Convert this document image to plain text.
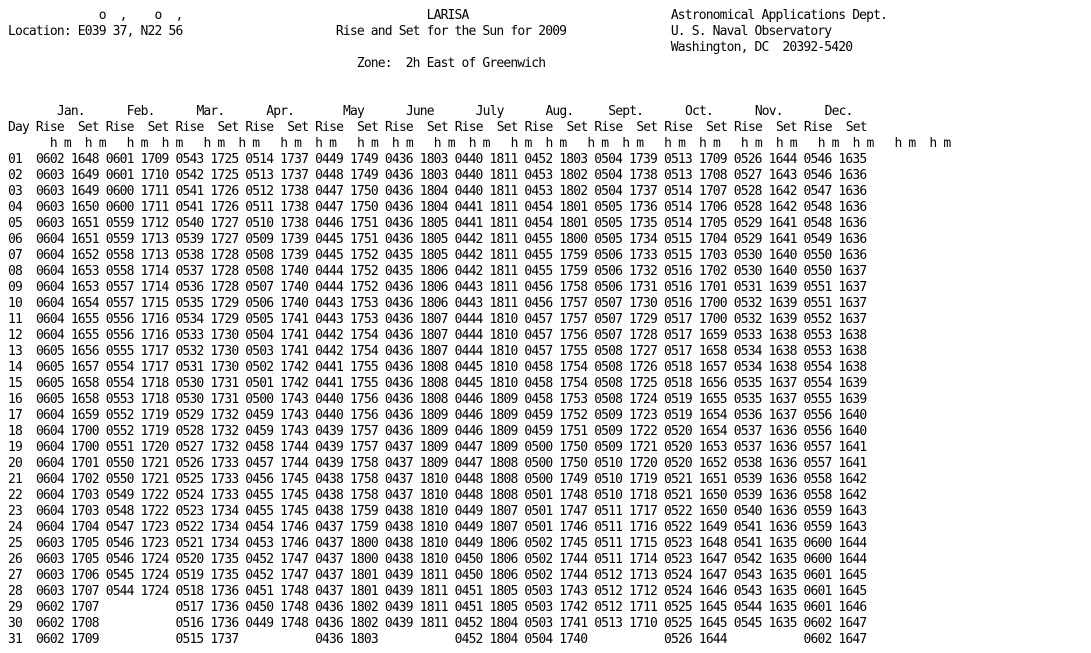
o  ,    o  ,	LARISA	Astronomical Applications Dept.
Location: E039 37, N22 56	Rise and Set for the Sun for 2009	U. S. Naval Observatory
Washington, DC  20392-5420
Zone:  2h East of Greenwich

Jan.	Feb.	Mar.	Apr.	May	June	July	Aug.	Sept.	Oct.	Nov.	Dec.
Day Rise Set Rise Set Rise Set Rise Set Rise Set Rise Set Rise Set Rise Set Rise Set Rise Set Rise Set Rise Set
h m h m h m h m h m h m h m h m h m h m h m h m h m h m h m h m h m h m h m h m h m h m h m h m
01 0602 1648 0601 1709 0543 1725 0514 1737 0449 1749 0436 1803 0440 1811 0452 1803 0504 1739 0513 1709 0526 1644 0546 1635
02 0603 1649 0601 1710 0542 1725 0513 1737 0448 1749 0436 1803 0440 1811 0453 1802 0504 1738 0513 1708 0527 1643 0546 1636
03 0603 1649 0600 1711 0541 1726 0512 1738 0447 1750 0436 1804 0440 1811 0453 1802 0504 1737 0514 1707 0528 1642 0547 1636
04 0603 1650 0600 1711 0541 1726 0511 1738 0447 1750 0436 1804 0441 1811 0454 1801 0505 1736 0514 1706 0528 1642 0548 1636
05 0603 1651 0559 1712 0540 1727 0510 1738 0446 1751 0436 1805 0441 1811 0454 1801 0505 1735 0514 1705 0529 1641 0548 1636
06 0604 1651 0559 1713 0539 1727 0509 1739 0445 1751 0436 1805 0442 1811 0455 1800 0505 1734 0515 1704 0529 1641 0549 1636
07 0604 1652 0558 1713 0538 1728 0508 1739 0445 1752 0435 1805 0442 1811 0455 1759 0506 1733 0515 1703 0530 1640 0550 1636
08 0604 1653 0558 1714 0537 1728 0508 1740 0444 1752 0435 1806 0442 1811 0455 1759 0506 1732 0516 1702 0530 1640 0550 1637
09 0604 1653 0557 1714 0536 1728 0507 1740 0444 1752 0436 1806 0443 1811 0456 1758 0506 1731 0516 1701 0531 1639 0551 1637
10 0604 1654 0557 1715 0535 1729 0506 1740 0443 1753 0436 1806 0443 1811 0456 1757 0507 1730 0516 1700 0532 1639 0551 1637
11 0604 1655 0556 1716 0534 1729 0505 1741 0443 1753 0436 1807 0444 1810 0457 1757 0507 1729 0517 1700 0532 1639 0552 1637
12 0604 1655 0556 1716 0533 1730 0504 1741 0442 1754 0436 1807 0444 1810 0457 1756 0507 1728 0517 1659 0533 1638 0553 1638
13 0605 1656 0555 1717 0532 1730 0503 1741 0442 1754 0436 1807 0444 1810 0457 1755 0508 1727 0517 1658 0534 1638 0553 1638
14 0605 1657 0554 1717 0531 1730 0502 1742 0441 1755 0436 1808 0445 1810 0458 1754 0508 1726 0518 1657 0534 1638 0554 1638
15 0605 1658 0554 1718 0530 1731 0501 1742 0441 1755 0436 1808 0445 1810 0458 1754 0508 1725 0518 1656 0535 1637 0554 1639
16 0605 1658 0553 1718 0530 1731 0500 1743 0440 1756 0436 1808 0446 1809 0458 1753 0508 1724 0519 1655 0535 1637 0555 1639
17 0604 1659 0552 1719 0529 1732 0459 1743 0440 1756 0436 1809 0446 1809 0459 1752 0509 1723 0519 1654 0536 1637 0556 1640
18 0604 1700 0552 1719 0528 1732 0459 1743 0439 1757 0436 1809 0446 1809 0459 1751 0509 1722 0520 1654 0537 1636 0556 1640
19 0604 1700 0551 1720 0527 1732 0458 1744 0439 1757 0437 1809 0447 1809 0500 1750 0509 1721 0520 1653 0537 1636 0557 1641
20 0604 1701 0550 1721 0526 1733 0457 1744 0439 1758 0437 1809 0447 1808 0500 1750 0510 1720 0520 1652 0538 1636 0557 1641
21 0604 1702 0550 1721 0525 1733 0456 1745 0438 1758 0437 1810 0448 1808 0500 1749 0510 1719 0521 1651 0539 1636 0558 1642
22 0604 1703 0549 1722 0524 1733 0455 1745 0438 1758 0437 1810 0448 1808 0501 1748 0510 1718 0521 1650 0539 1636 0558 1642
23 0604 1703 0548 1722 0523 1734 0455 1745 0438 1759 0438 1810 0449 1807 0501 1747 0511 1717 0522 1650 0540 1636 0559 1643
24 0604 1704 0547 1723 0522 1734 0454 1746 0437 1759 0438 1810 0449 1807 0501 1746 0511 1716 0522 1649 0541 1636 0559 1643
25 0603 1705 0546 1723 0521 1734 0453 1746 0437 1800 0438 1810 0449 1806 0502 1745 0511 1715 0523 1648 0541 1635 0600 1644
26 0603 1705 0546 1724 0520 1735 0452 1747 0437 1800 0438 1810 0450 1806 0502 1744 0511 1714 0523 1647 0542 1635 0600 1644
27 0603 1706 0545 1724 0519 1735 0452 1747 0437 1801 0439 1811 0450 1806 0502 1744 0512 1713 0524 1647 0543 1635 0601 1645
28 0603 1707 0544 1724 0518 1736 0451 1748 0437 1801 0439 1811 0451 1805 0503 1743 0512 1712 0524 1646 0543 1635 0601 1645
29 0602 1707	0517 1736 0450 1748 0436 1802 0439 1811 0451 1805 0503 1742 0512 1711 0525 1645 0544 1635 0601 1646
30 0602 1708	0516 1736 0449 1748 0436 1802 0439 1811 0452 1804 0503 1741 0513 1710 0525 1645 0545 1635 0602 1647
31 0602 1709	0515 1737	0436 1803	0452 1804 0504 1740	0526 1644	0602 1647
